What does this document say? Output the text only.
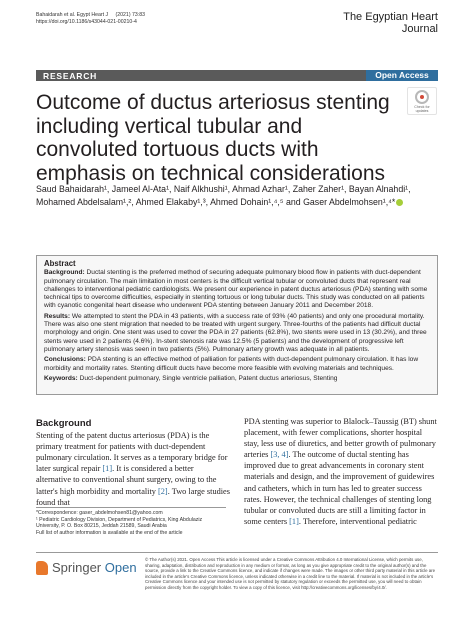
Bahaidarah et al. Egypt Heart J (2021) 73:83
https://doi.org/10.1186/s43044-021-00210-4	The Egyptian Heart
Journal
RESEARCH	Open Access
Check for updates
Outcome of ductus arteriosus stenting including vertical tubular and convoluted tortuous ducts with emphasis on technical considerations
Saud Bahaidarah¹, Jameel Al-Ata¹, Naif Alkhushi¹, Ahmad Azhar¹, Zaher Zaher¹, Bayan Alnahdi¹,
Mohamed Abdelsalam¹,², Ahmed Elakaby¹,³, Ahmed Dohain¹,⁴,⁵ and Gaser Abdelmohsen¹,⁴*
Abstract
Background: Ductal stenting is the preferred method of securing adequate pulmonary blood flow in patients with duct-dependent pulmonary circulation. The main limitation in most centers is the difficult vertical tubular or convoluted ducts that represent real challenges to interventional pediatric cardiologists. We present our experience in patent ductus arteriosus (PDA) stenting with some technical tips to overcome difficulties, especially in stenting tortuous or long tubular ducts. This study was conducted on all patients with cyanotic congenital heart disease who underwent PDA stenting between January 2011 and December 2018.
Results: We attempted to stent the PDA in 43 patients, with a success rate of 93% (40 patients) and only one procedural mortality. There was also one stent migration that needed to be treated with urgent surgery. Three-fourths of the patients had difficult ductal morphology and origin. One stent was used to cover the PDA in 27 patients (62.8%), two stents were used in 13 (30.2%), and three stents were used in 2 patients (4.6%). In-stent stenosis rate was 12.5% (5 patients) and the development of progressive left pulmonary artery stenosis was seen in two patients (5%). Pulmonary artery growth was adequate in all patients.
Conclusions: PDA stenting is an effective method of palliation for patients with duct-dependent pulmonary circulation. It has low morbidity and mortality rates. Stenting difficult ducts have become more feasible with evolving materials and techniques.
Keywords: Duct-dependent pulmonary, Single ventricle palliation, Patent ductus arteriosus, Stenting
Background

Stenting of the patent ductus arteriosus (PDA) is the primary treatment for patients with duct-dependent pulmonary circulation. It serves as a temporary bridge for later surgical repair [1]. It is considered a better alternative to conventional shunt surgery, owing to the latter's high morbidity and mortality [2]. Two large studies found that

PDA stenting was superior to Blalock–Taussig (BT) shunt placement, with fewer complications, shorter hospital stay, less use of diuretics, and better growth of pulmonary arteries [3, 4]. The outcome of ductal stenting has improved due to great advancements in coronary stent materials and design, and the improvement of guidewires and catheters, which in turn has led to greater success rates. However, the technical challenges of stenting long tubular or convoluted ducts are still a limiting factor in some centers [1]. Therefore, interventional pediatric

*Correspondence: gaser_abdelmohsen81@yahoo.com
¹ Pediatric Cardiology Division, Department of Pediatrics, King Abdulaziz University, P. O. Box 80215, Jeddah 21589, Saudi Arabia
Full list of author information is available at the end of the article
Springer Open
© The Author(s) 2021. Open Access This article is licensed under a Creative Commons Attribution 4.0 International License, which permits use, sharing, adaptation, distribution and reproduction in any medium or format, as long as you give appropriate credit to the original author(s) and the source, provide a link to the Creative Commons licence, and indicate if changes were made. The images or other third party material in this article are included in the article's Creative Commons licence, unless indicated otherwise in a credit line to the material. If material is not included in the article's Creative Commons licence and your intended use is not permitted by statutory regulation or exceeds the permitted use, you will need to obtain permission directly from the copyright holder. To view a copy of this licence, visit http://creativecommons.org/licenses/by/4.0/.
